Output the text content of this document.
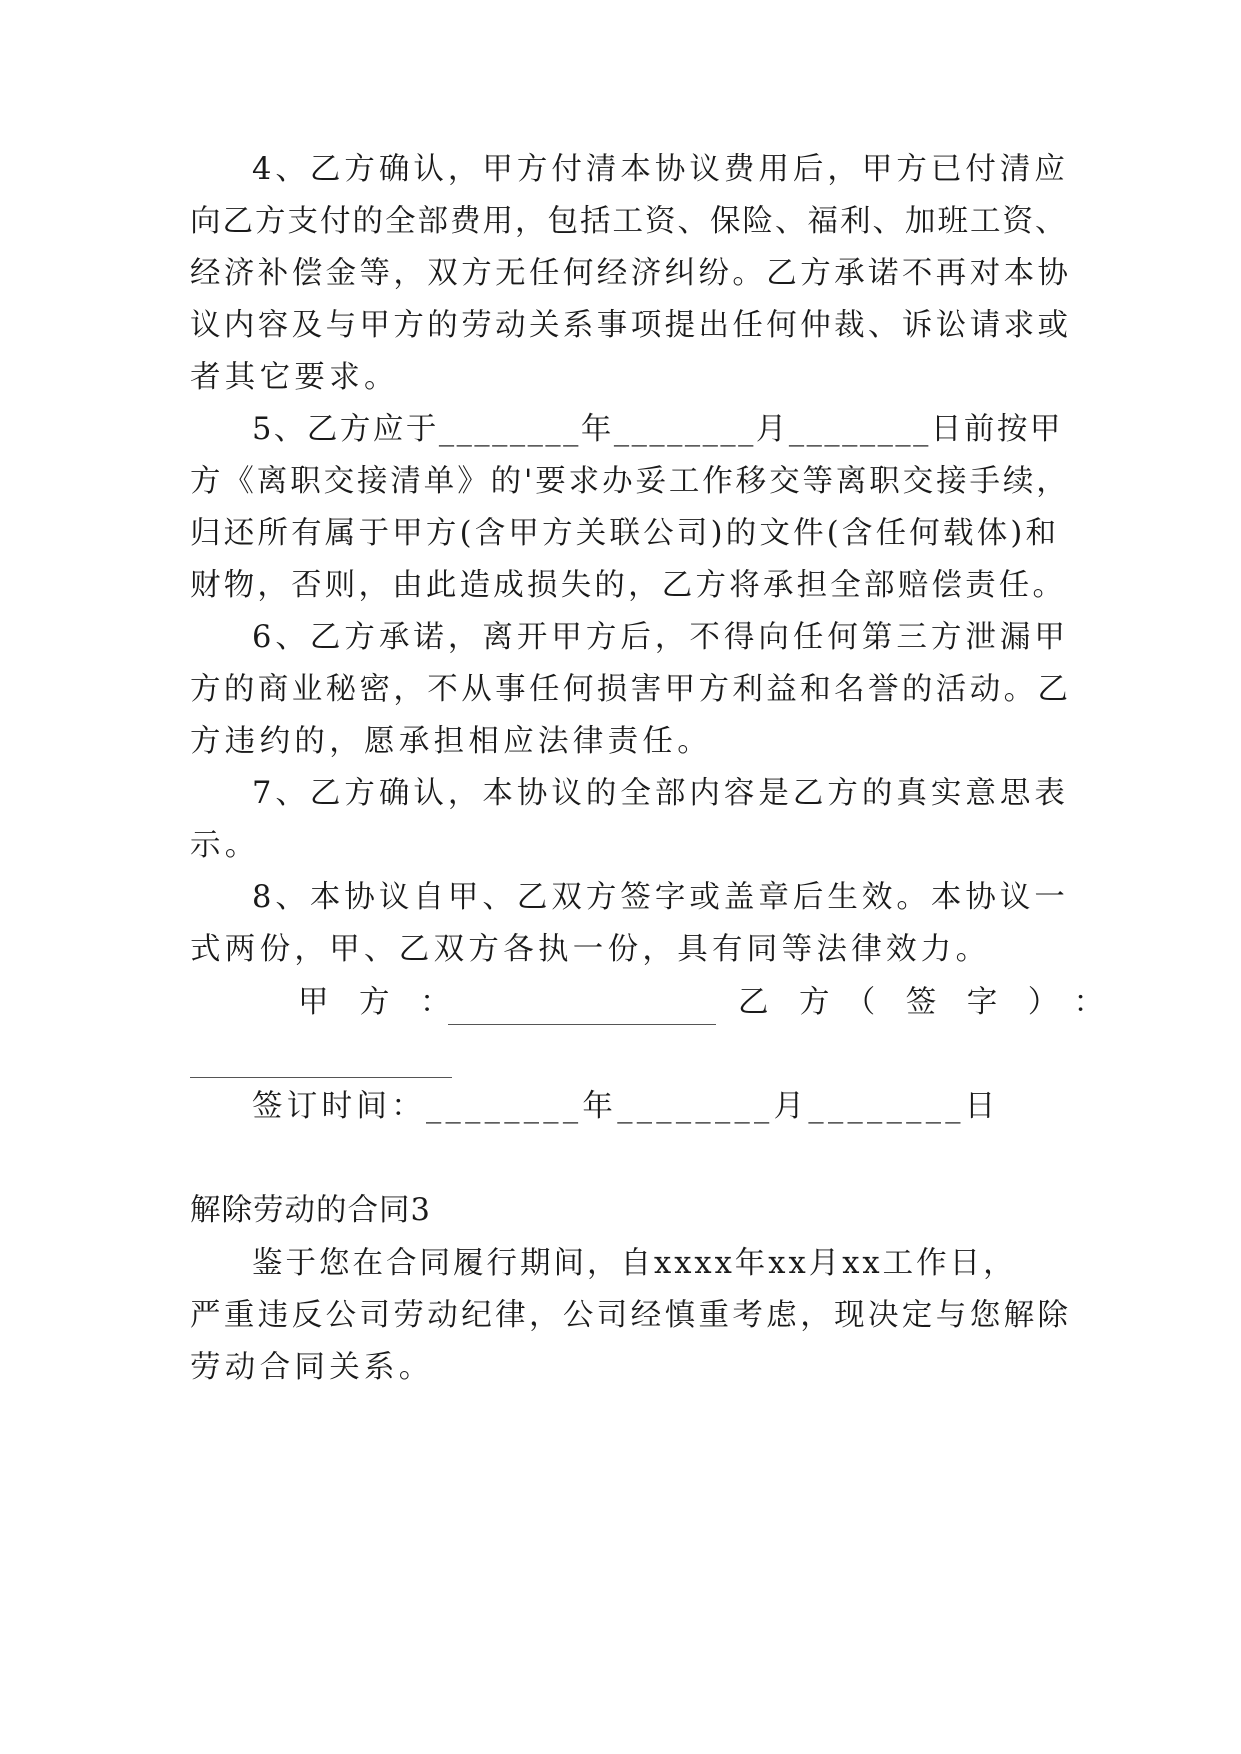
4、乙方确认，甲方付清本协议费用后，甲方已付清应
向乙方支付的全部费用，包括工资、保险、福利、加班工资、
经济补偿金等，双方无任何经济纠纷。乙方承诺不再对本协
议内容及与甲方的劳动关系事项提出任何仲裁、诉讼请求或
者其它要求。
5、乙方应于________年________月________日前按甲
方《离职交接清单》的'要求办妥工作移交等离职交接手续，
归还所有属于甲方(含甲方关联公司)的文件(含任何载体)和
财物，否则，由此造成损失的，乙方将承担全部赔偿责任。
6、乙方承诺，离开甲方后，不得向任何第三方泄漏甲
方的商业秘密，不从事任何损害甲方利益和名誉的活动。乙
方违约的，愿承担相应法律责任。
7、乙方确认，本协议的全部内容是乙方的真实意思表
示。
8、本协议自甲、乙双方签字或盖章后生效。本协议一
式两份，甲、乙双方各执一份，具有同等法律效力。
甲　方　：	乙　方　（　签　字　）　：
签订时间：________年________月________日
解除劳动的合同3
鉴于您在合同履行期间，自xxxx年xx月xx工作日，
严重违反公司劳动纪律，公司经慎重考虑，现决定与您解除
劳动合同关系。
